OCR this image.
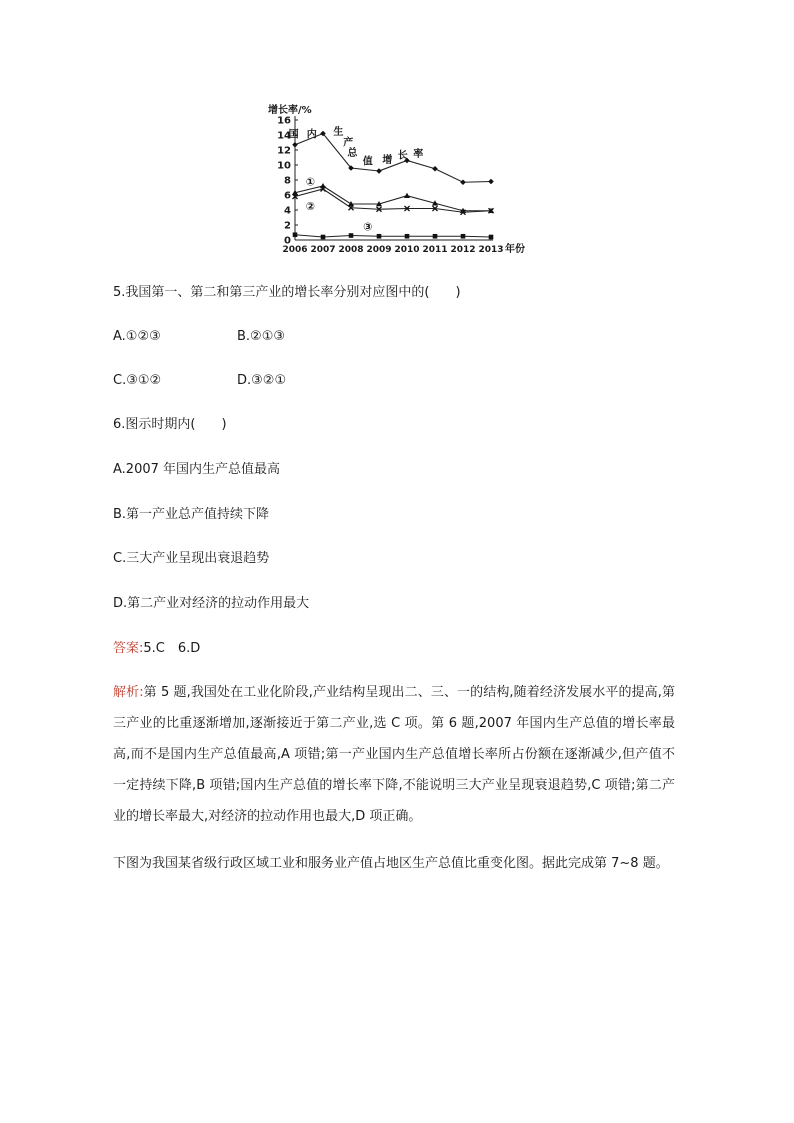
增长率/%
0
2
4
6
8
10
12
14
16
2006 2007 2008 2009 2010 2011 2012 2013 年份
国 内 生
产
总
值 增 长 率
①
②
③
5.我国第一、第二和第三产业的增长率分别对应图中的(　　)
A.①②③	B.②①③
C.③①②	D.③②①
6.图示时期内(　　)
A.2007 年国内生产总值最高
B.第一产业总产值持续下降
C.三大产业呈现出衰退趋势
D.第二产业对经济的拉动作用最大
答案:5.C　6.D
解析:第 5 题,我国处在工业化阶段,产业结构呈现出二、三、一的结构,随着经济发展水平的提高,第三产业的比重逐渐增加,逐渐接近于第二产业,选 C 项。第 6 题,2007 年国内生产总值的增长率最高,而不是国内生产总值最高,A 项错;第一产业国内生产总值增长率所占份额在逐渐减少,但产值不一定持续下降,B 项错;国内生产总值的增长率下降,不能说明三大产业呈现衰退趋势,C 项错;第二产业的增长率最大,对经济的拉动作用也最大,D 项正确。
下图为我国某省级行政区域工业和服务业产值占地区生产总值比重变化图。据此完成第 7~8 题。
